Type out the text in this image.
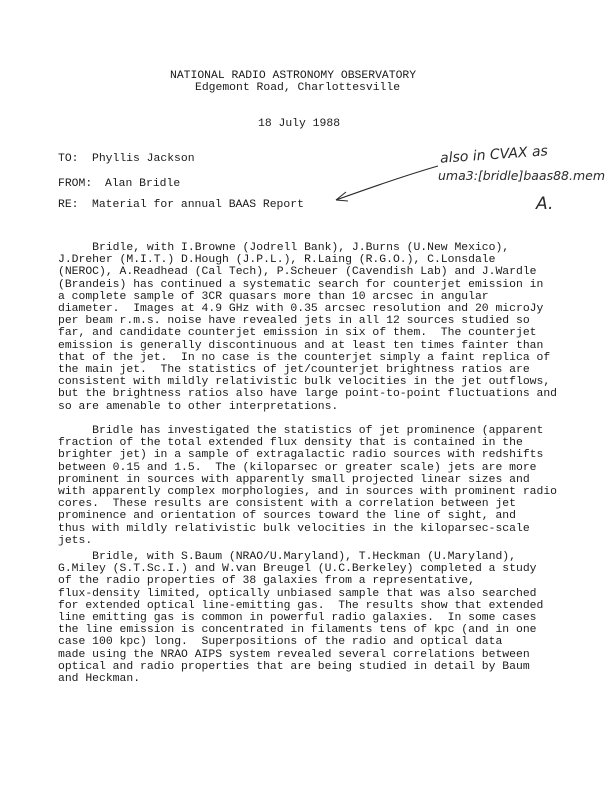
NATIONAL RADIO ASTRONOMY OBSERVATORY
Edgemont Road, Charlottesville
18 July 1988
TO: Phyllis Jackson
FROM: Alan Bridle
RE: Material for annual BAAS Report
also in CVAX as
uma3:[bridle]baas88.mem
A.
Bridle, with I.Browne (Jodrell Bank), J.Burns (U.New Mexico),
J.Dreher (M.I.T.) D.Hough (J.P.L.), R.Laing (R.G.O.), C.Lonsdale
(NEROC), A.Readhead (Cal Tech), P.Scheuer (Cavendish Lab) and J.Wardle
(Brandeis) has continued a systematic search for counterjet emission in
a complete sample of 3CR quasars more than 10 arcsec in angular
diameter.  Images at 4.9 GHz with 0.35 arcsec resolution and 20 microJy
per beam r.m.s. noise have revealed jets in all 12 sources studied so
far, and candidate counterjet emission in six of them.  The counterjet
emission is generally discontinuous and at least ten times fainter than
that of the jet.  In no case is the counterjet simply a faint replica of
the main jet.  The statistics of jet/counterjet brightness ratios are
consistent with mildly relativistic bulk velocities in the jet outflows,
but the brightness ratios also have large point-to-point fluctuations and
so are amenable to other interpretations.
Bridle has investigated the statistics of jet prominence (apparent
fraction of the total extended flux density that is contained in the
brighter jet) in a sample of extragalactic radio sources with redshifts
between 0.15 and 1.5.  The (kiloparsec or greater scale) jets are more
prominent in sources with apparently small projected linear sizes and
with apparently complex morphologies, and in sources with prominent radio
cores.  These results are consistent with a correlation between jet
prominence and orientation of sources toward the line of sight, and
thus with mildly relativistic bulk velocities in the kiloparsec-scale
jets.
Bridle, with S.Baum (NRAO/U.Maryland), T.Heckman (U.Maryland),
G.Miley (S.T.Sc.I.) and W.van Breugel (U.C.Berkeley) completed a study
of the radio properties of 38 galaxies from a representative,
flux-density limited, optically unbiased sample that was also searched
for extended optical line-emitting gas.  The results show that extended
line emitting gas is common in powerful radio galaxies.  In some cases
the line emission is concentrated in filaments tens of kpc (and in one
case 100 kpc) long.  Superpositions of the radio and optical data
made using the NRAO AIPS system revealed several correlations between
optical and radio properties that are being studied in detail by Baum
and Heckman.
